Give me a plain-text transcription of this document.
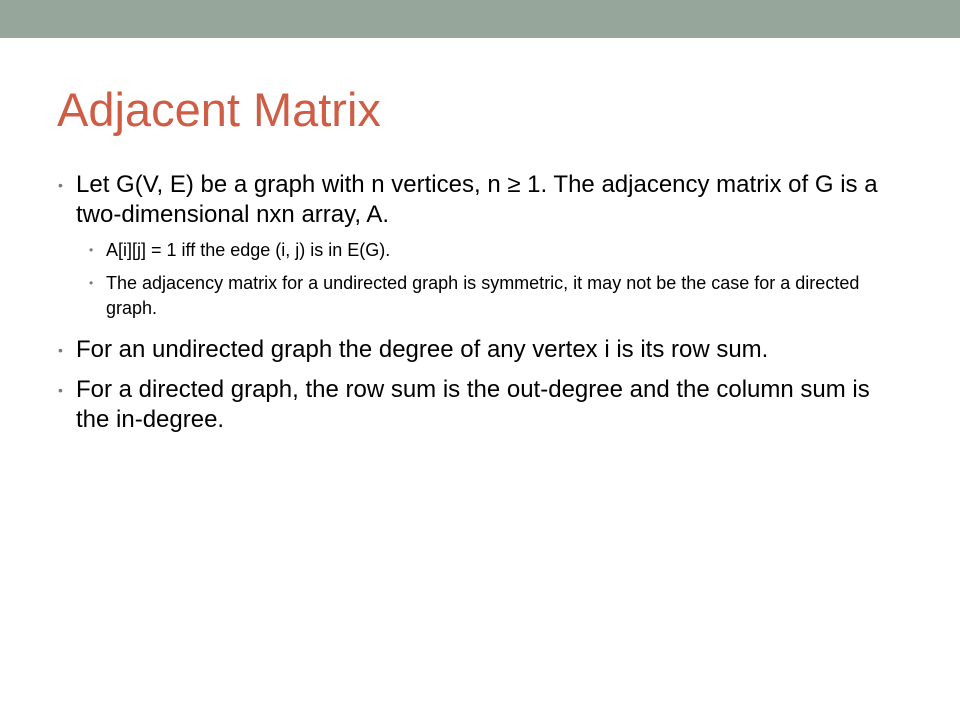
Adjacent Matrix
• Let G(V, E) be a graph with n vertices, n ≥ 1. The adjacency matrix of G is a two-dimensional nxn array, A.
• A[i][j] = 1 iff the edge (i, j) is in E(G).
• The adjacency matrix for a undirected graph is symmetric, it may not be the case for a directed graph.
• For an undirected graph the degree of any vertex i is its row sum.
• For a directed graph, the row sum is the out-degree and the column sum is the in-degree.
